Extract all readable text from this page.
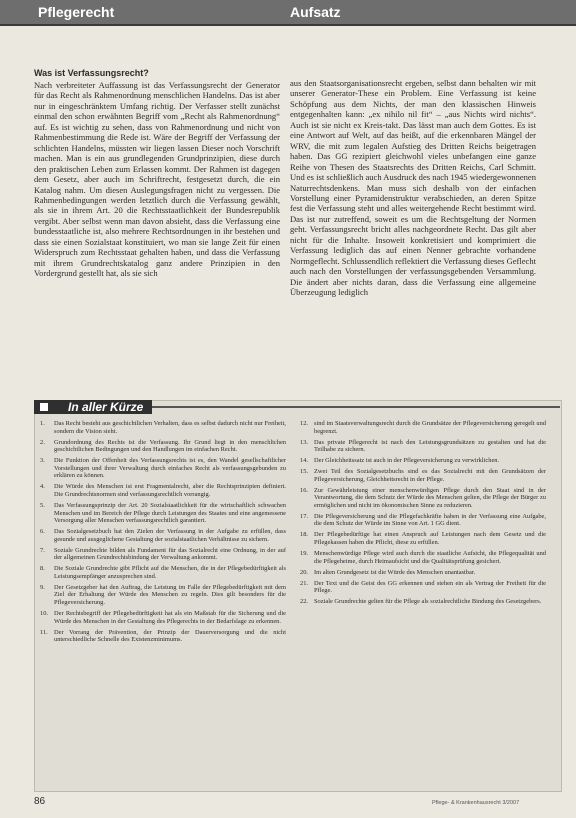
Pflegerecht	Aufsatz
Was ist Verfassungsrecht?

Nach verbreiteter Auffassung ist das Verfassungsrecht der Generator für das Recht als Rahmenordnung menschlichen Handelns. Das ist aber nur in eingeschränktem Umfang richtig. Der Verfasser stellt zunächst einmal den schon erwähnten Begriff vom „Recht als Rahmenordnung“ auf. Es ist wichtig zu sehen, dass von Rahmenordnung und nicht von Rahmenbestimmung die Rede ist. Wäre der Begriff der Verfassung der schlichten Handelns, müssten wir liegen lassen Dieser noch Vorschrift machen. Man is ein aus grundlegenden Grundprinzipien, diese durch den praktischen Leben zum Erlassen kommt. Der Rahmen ist dagegen dem Gesetz, aber auch im Schriftrecht, festgesetzt durch, die ein Katalog nahm. Um diesen Auslegungsfragen nicht zu vergessen. Die Rahmenbedingungen werden letztlich durch die Verfassung gewählt, als sie in ihrem Art. 20 die Rechtsstaatlichkeit der Bundesrepublik vergibt. Aber selbst wenn man davon absieht, dass die Verfassung eine bundesstaatliche ist, also mehrere Rechtsordnungen in ihr bestehen und dass sie einen Sozialstaat konstituiert, wo man sie lange Zeit für einen Widerspruch zum Rechtsstaat gehalten haben, und dass die Verfassung mit ihrem Grundrechtskatalog ganz andere Prinzipien in den Vordergrund gestellt hat, als sie sich

aus den Staatsorganisationsrecht ergeben, selbst dann behalten wir mit unserer Generator-These ein Problem. Eine Verfassung ist keine Schöpfung aus dem Nichts, der man den klassischen Hinweis entgegenhalten kann: „ex nihilo nil fit“ – „aus Nichts wird nichts“. Auch ist sie nicht ex Kreis-takt. Das lässt man auch dem Gottes. Es ist eine Antwort auf Welt, auf das heißt, auf die erkennbaren Mängel der WRV, die mit zum legalen Aufstieg des Dritten Reichs beigetragen haben. Das GG rezipiert gleichwohl vieles unbefangen eine ganze Reihe von Thesen des Staatsrechts des Dritten Reichs, Carl Schmitt. Und es ist schließlich auch Ausdruck des nach 1945 wiedergewonnenen Naturrechtsdenkens. Man muss sich deshalb von der einfachen Vorstellung einer Pyramidenstruktur verabschieden, an deren Spitze fest die Verfassung steht und alles weitergehende Recht bestimmt wird. Das ist nur zutreffend, soweit es um die Rechtsgeltung der Normen geht. Verfassungsrecht bricht alles nachgeordnete Recht. Das gilt aber nicht für die Inhalte. Insoweit konkretisiert und komprimiert die Verfassung lediglich das auf einen Nenner gebrachte vorhandene Normgeflecht. Schlussendlich reflektiert die Verfassung dieses Geflecht auch nach den Vorstellungen der verfassungsgebenden Versammlung. Die ändert aber nichts daran, dass die Verfassung eine allgemeine Überzeugung lediglich

In aller Kürze
1. Das Recht besteht aus geschichtlichen Verhalten, dass es selbst dadurch nicht nur Freiheit, sondern die Vision sieht.
2. Grundordnung des Rechts ist die Verfassung. Ihr Grund liegt in den menschlichen geschichtlichen Bedingungen und den Handlungen im einfachen Recht.
3. Die Funktion der Offenheit des Verfassungsrechts ist es, den Wandel gesellschaftlicher Vorstellungen und ihrer Verwaltung durch einfaches Recht als verfassungsgebunden zu erklären zu können.
4. Die Würde des Menschen ist erst Fragmentalrecht, aber die Rechtsprinzipien definiert. Die Grundrechtsnormen sind verfassungsrechtlich vorrangig.
5. Das Verfassungsprinzip der Art. 20 Sozialstaatlichkeit für die wirtschaftlich schwachen Menschen und im Bereich der Pflege durch Leistungen des Staates und eine angemessene Versorgung aller Menschen verfassungsrechtlich garantiert.
6. Das Sozialgesetzbuch hat den Zielen der Verfassung in der Aufgabe zu erfüllen, dass gesunde und ausgeglichene Gestaltung der sozialstaatlichen Verhältnisse zu sichern.
7. Soziale Grundrechte bilden als Fundament für das Sozialrecht eine Ordnung, in der auf der allgemeinen Grundrechtsbindung der Verwaltung ankommt.
8. Die Soziale Grundrechte gibt Pflicht auf die Menschen, die in der Pflegebedürftigkeit als Leistungsempfänger anzusprechen sind.
9. Der Gesetzgeber hat den Auftrag, die Leistung im Falle der Pflegebedürftigkeit mit dem Ziel der Erhaltung der Würde des Menschen zu regeln. Dies gilt besonders für die Pflegeversicherung.
10. Der Rechtsbegriff der Pflegebedürftigkeit hat als ein Maßstab für die Sicherung und die Würde des Menschen in der Gestaltung des Pflegerechts in der Bedarfslage zu erkennen.
11. Der Vorrang der Prävention, der Prinzip der Dauerversorgung und die nicht unterschiedliche Schnelle des Existenzminimums.
12. sind im Staatsverwaltungsrecht durch die Grundsätze der Pflegeversicherung geregelt und begrenzt.
13. Das private Pflegerecht ist nach den Leistungsgrundsätzen zu gestalten und hat die Teilhabe zu sichern.
14. Der Gleichheitssatz ist auch in der Pflegeversicherung zu verwirklichen.
15. Zwei Teil des Sozialgesetzbuchs sind es das Sozialrecht mit den Grundsätzen der Pflegeversicherung, Gleichheitsrecht in der Pflege.
16. Zur Gewährleistung einer menschenwürdigen Pflege durch den Staat sind in der Verantwortung, die dem Schutz der Würde des Menschen gelten, die Pflege der Bürger zu ermöglichen und nicht im ökonomischen Sinne zu reduzieren.
17. Die Pflegeversicherung und die Pflegefachkräfte haben in der Verfassung eine Aufgabe, die dem Schutz der Würde im Sinne von Art. 1 GG dient.
18. Der Pflegebedürftige hat einen Anspruch auf Leistungen nach dem Gesetz und die Pflegekassen haben die Pflicht, diese zu erfüllen.
19. Menschenwürdige Pflege wird auch durch die staatliche Aufsicht, die Pflegequalität und die Pflegeheime, durch Heimaufsicht und die Qualitätsprüfung gesichert.
20. Im alten Grundgesetz ist die Würde des Menschen unantastbar.
21. Der Text und die Geist des GG erkennen und stehen ein als Vertrag der Freiheit für die Pflege.
22. Soziale Grundrechte gelten für die Pflege als sozialrechtliche Bindung des Gesetzgebers.
86	Pflege- & Krankenhausrecht 3/2007
